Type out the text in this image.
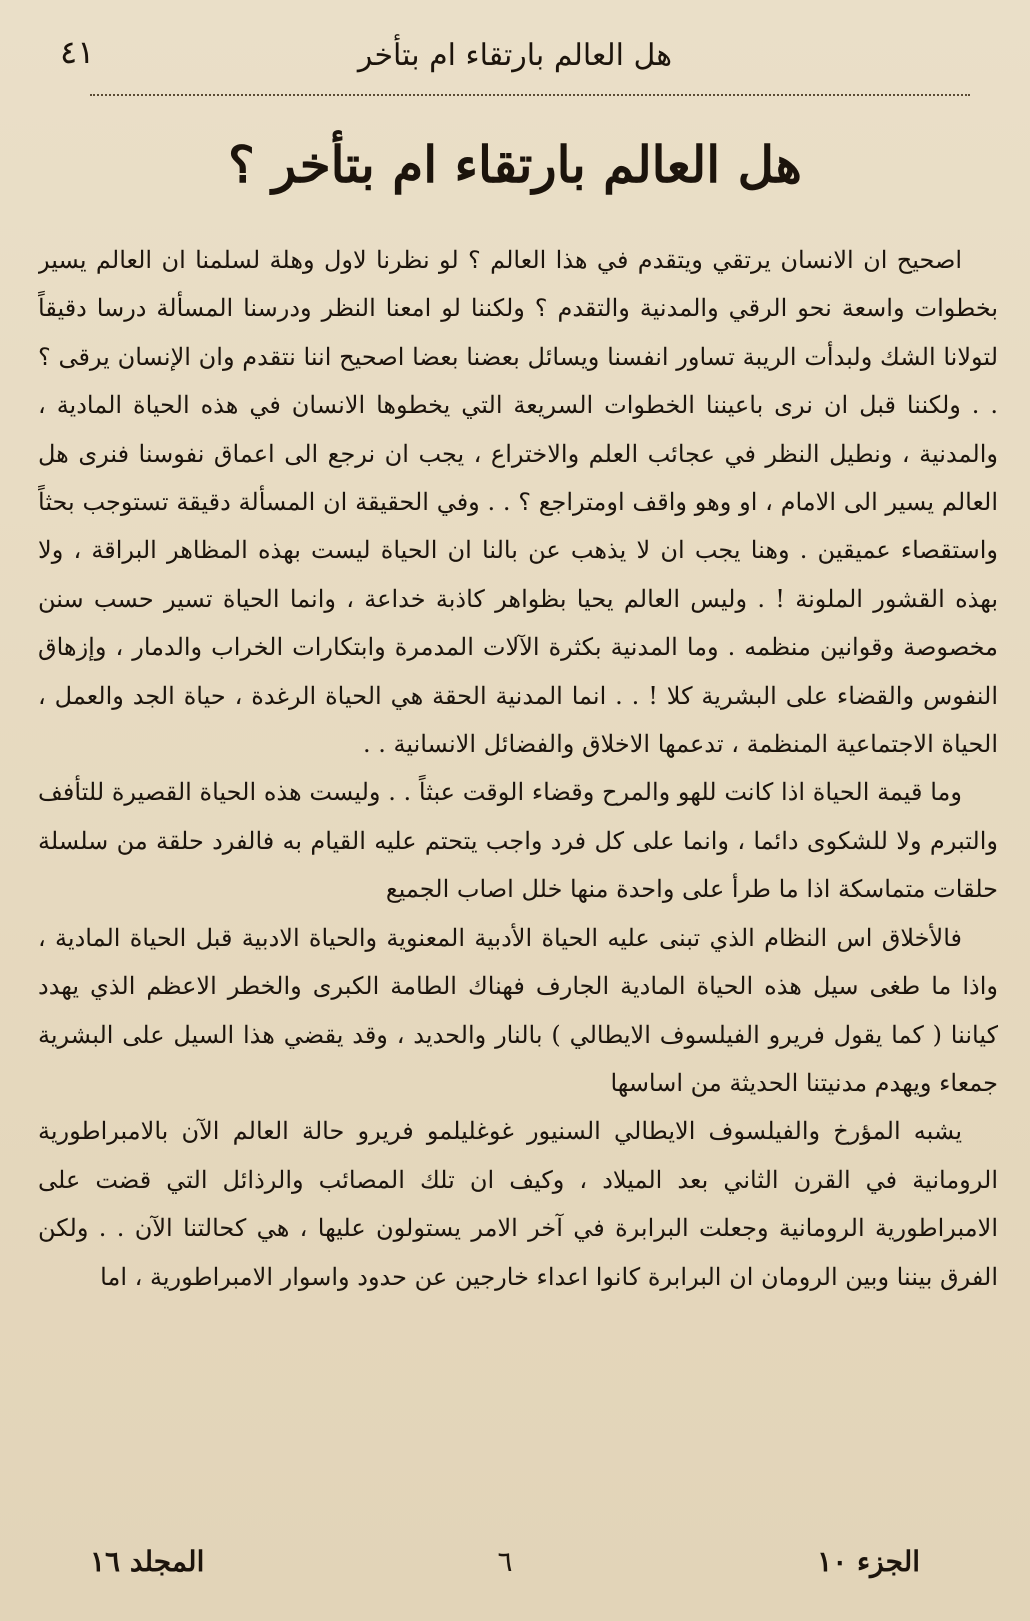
هل العالم بارتقاء ام بتأخر
٤١
هل العالم بارتقاء ام بتأخر ؟

اصحيح ان الانسان يرتقي ويتقدم في هذا العالم ؟ لو نظرنا لاول وهلة لسلمنا ان العالم يسير بخطوات واسعة نحو الرقي والمدنية والتقدم ؟ ولكننا لو امعنا النظر ودرسنا المسألة درسا دقيقاً لتولانا الشك ولبدأت الريبة تساور انفسنا ويسائل بعضنا بعضا اصحيح اننا نتقدم وان الإنسان يرقى ؟ . . ولكننا قبل ان نرى باعيننا الخطوات السريعة التي يخطوها الانسان في هذه الحياة المادية ، والمدنية ، ونطيل النظر في عجائب العلم والاختراع ، يجب ان نرجع الى اعماق نفوسنا فنرى هل العالم يسير الى الامام ، او وهو واقف اومتراجع ؟ . . وفي الحقيقة ان المسألة دقيقة تستوجب بحثاً واستقصاء عميقين . وهنا يجب ان لا يذهب عن بالنا ان الحياة ليست بهذه المظاهر البراقة ، ولا بهذه القشور الملونة ! . وليس العالم يحيا بظواهر كاذبة خداعة ، وانما الحياة تسير حسب سنن مخصوصة وقوانين منظمه . وما المدنية بكثرة الآلات المدمرة وابتكارات الخراب والدمار ، وإزهاق النفوس والقضاء على البشرية كلا ! . . انما المدنية الحقة هي الحياة الرغدة ، حياة الجد والعمل ، الحياة الاجتماعية المنظمة ، تدعمها الاخلاق والفضائل الانسانية . .

وما قيمة الحياة اذا كانت للهو والمرح وقضاء الوقت عبثاً . . وليست هذه الحياة القصيرة للتأفف والتبرم ولا للشكوى دائما ، وانما على كل فرد واجب يتحتم عليه القيام به فالفرد حلقة من سلسلة حلقات متماسكة اذا ما طرأ على واحدة منها خلل اصاب الجميع

فالأخلاق اس النظام الذي تبنى عليه الحياة الأدبية المعنوية والحياة الادبية قبل الحياة المادية ، واذا ما طغى سيل هذه الحياة المادية الجارف فهناك الطامة الكبرى والخطر الاعظم الذي يهدد كياننا ( كما يقول فريرو الفيلسوف الايطالي ) بالنار والحديد ، وقد يقضي هذا السيل على البشرية جمعاء ويهدم مدنيتنا الحديثة من اساسها

يشبه المؤرخ والفيلسوف الايطالي السنيور غوغليلمو فريرو حالة العالم الآن بالامبراطورية الرومانية في القرن الثاني بعد الميلاد ، وكيف ان تلك المصائب والرذائل التي قضت على الامبراطورية الرومانية وجعلت البرابرة في آخر الامر يستولون عليها ، هي كحالتنا الآن . . ولكن الفرق بيننا وبين الرومان ان البرابرة كانوا اعداء خارجين عن حدود واسوار الامبراطورية ، اما

الجزء ١٠
٦
المجلد ١٦
